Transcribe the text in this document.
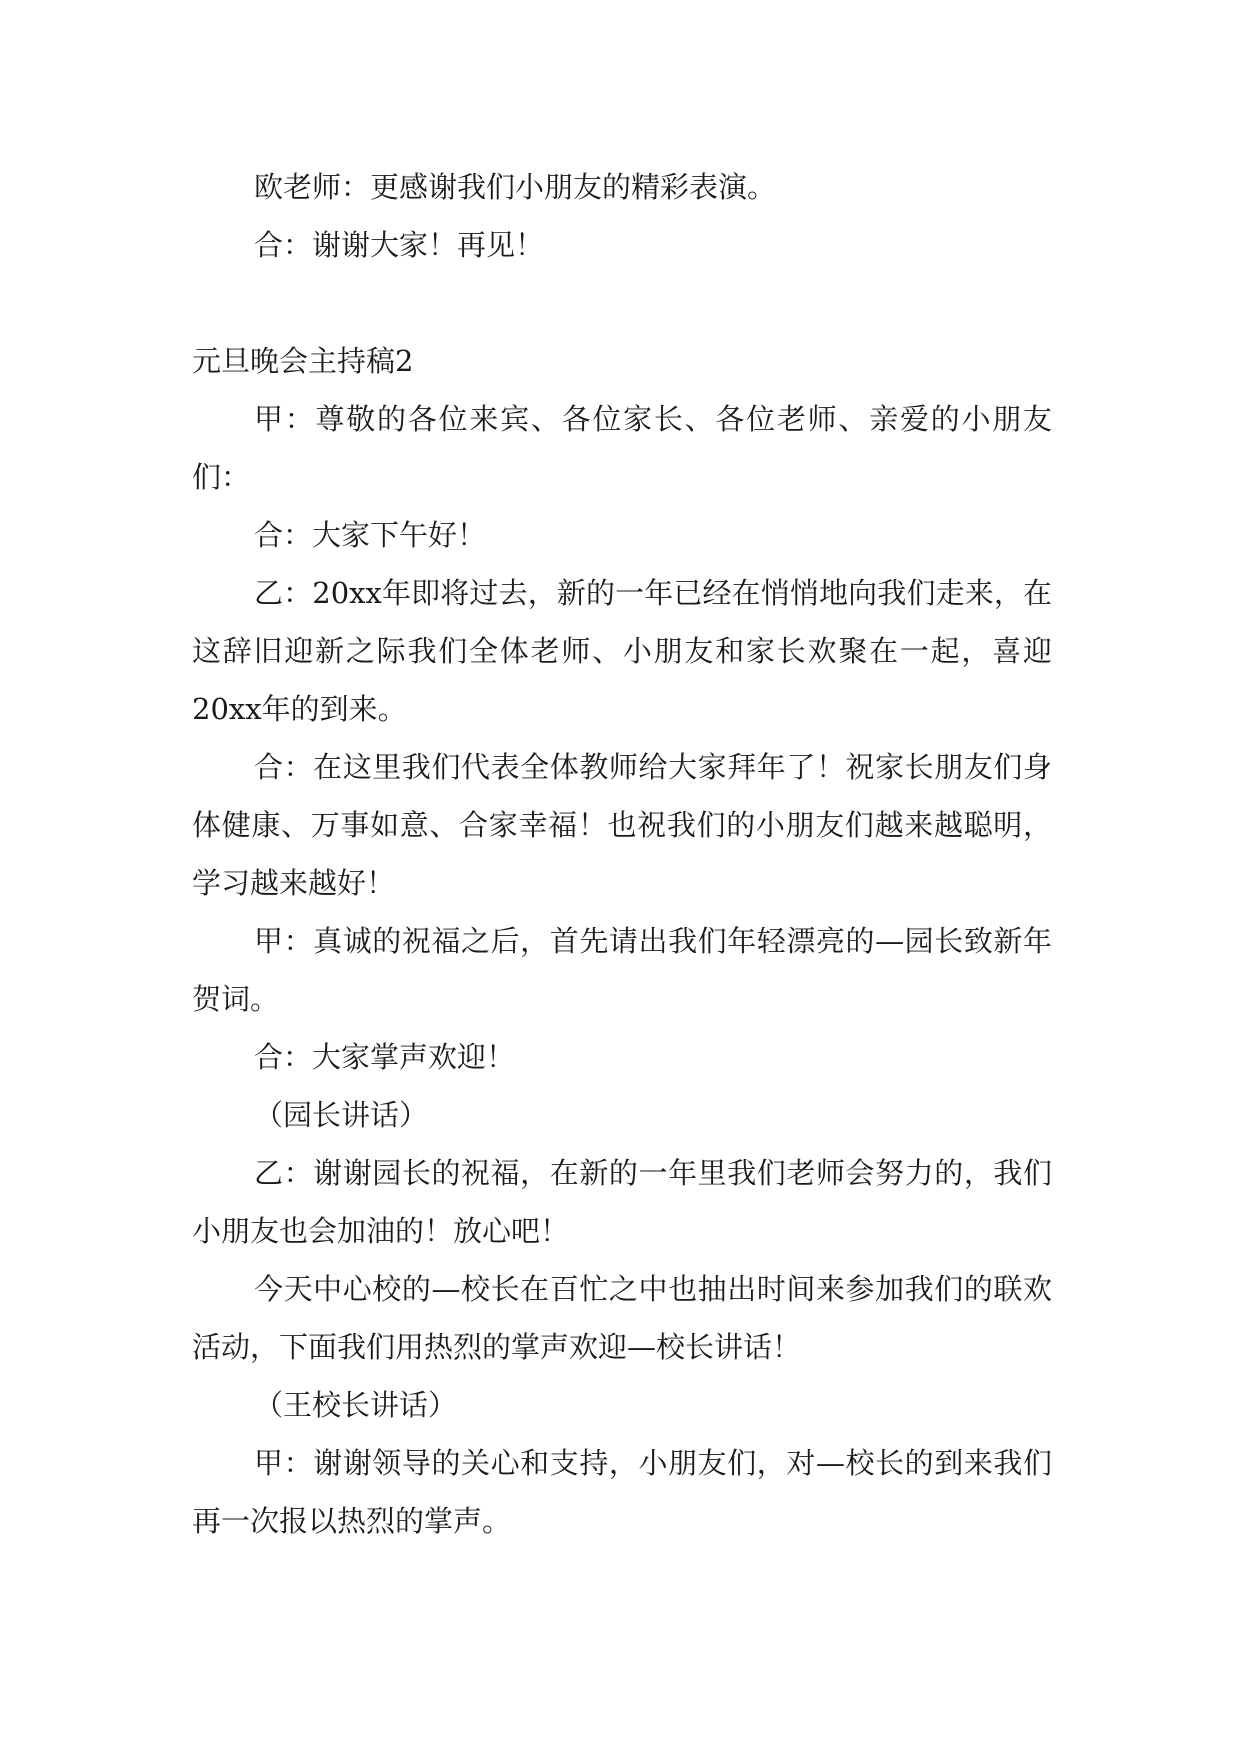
欧老师：更感谢我们小朋友的精彩表演。

合：谢谢大家！再见！

元旦晚会主持稿2

甲：尊敬的各位来宾、各位家长、各位老师、亲爱的小朋友们：

合：大家下午好！

乙：20xx年即将过去，新的一年已经在悄悄地向我们走来，在这辞旧迎新之际我们全体老师、小朋友和家长欢聚在一起，喜迎20xx年的到来。

合：在这里我们代表全体教师给大家拜年了！祝家长朋友们身体健康、万事如意、合家幸福！也祝我们的小朋友们越来越聪明，学习越来越好！

甲：真诚的祝福之后，首先请出我们年轻漂亮的—园长致新年贺词。

合：大家掌声欢迎！

（园长讲话）

乙：谢谢园长的祝福，在新的一年里我们老师会努力的，我们小朋友也会加油的！放心吧！

今天中心校的—校长在百忙之中也抽出时间来参加我们的联欢活动，下面我们用热烈的掌声欢迎—校长讲话！

（王校长讲话）

甲：谢谢领导的关心和支持，小朋友们，对—校长的到来我们再一次报以热烈的掌声。
